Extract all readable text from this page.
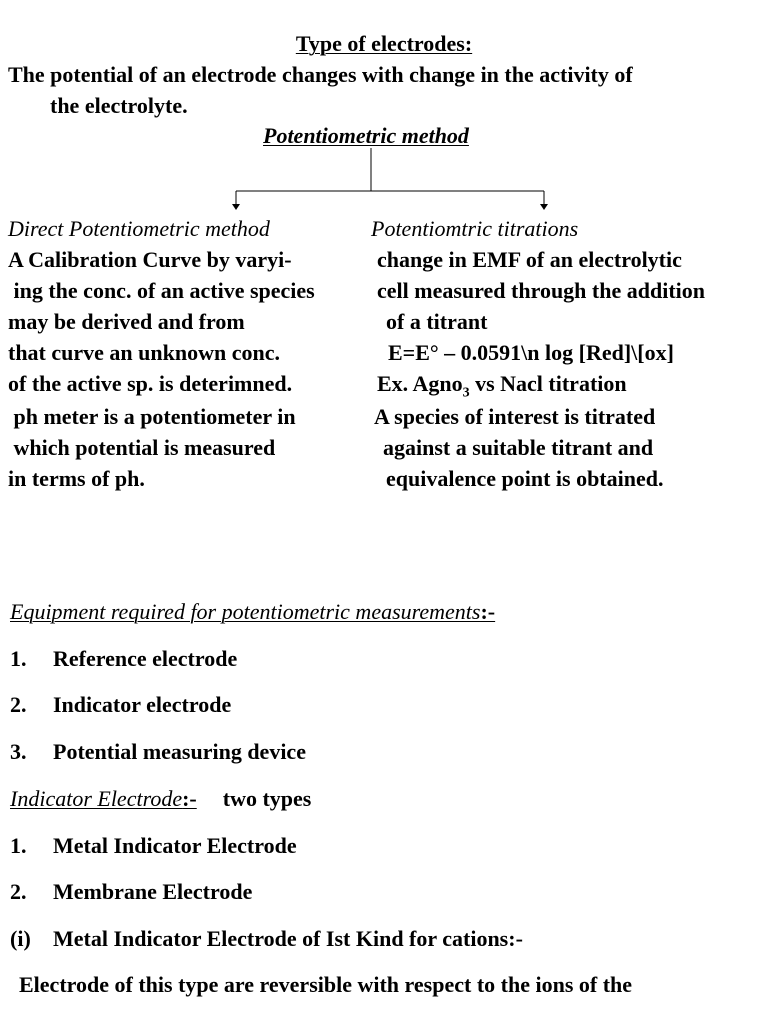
Type of electrodes:
The potential of an electrode changes with change in the activity of
the electrolyte.
Potentiometric method
Direct Potentiometric method
A Calibration Curve by varyi-
ing the conc. of an active species
may be derived and from
that curve an unknown conc.
of the active sp. is deterimned.
ph meter is a potentiometer in
which potential is measured
in terms of ph.
Potentiomtric titrations
change in EMF of an electrolytic
cell measured through the addition
of a titrant
E=E° – 0.0591\n log [Red]\[ox]
Ex. Agno$_3$ vs Nacl titration
A species of interest is titrated
against a suitable titrant and
equivalence point is obtained.
Equipment required for potentiometric measurements:-
1. Reference electrode
2. Indicator electrode
3. Potential measuring device
Indicator Electrode:- two types
1. Metal Indicator Electrode
2. Membrane Electrode
(i) Metal Indicator Electrode of Ist Kind for cations:-
Electrode of this type are reversible with respect to the ions of the
